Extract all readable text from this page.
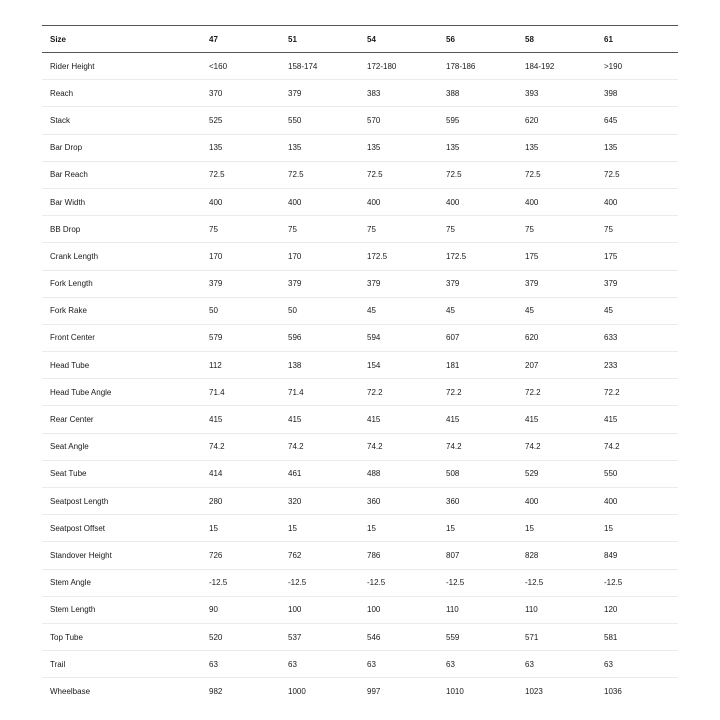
Size	47	51	54	56	58	61
Rider Height	<160	158-174	172-180	178-186	184-192	>190
Reach	370	379	383	388	393	398
Stack	525	550	570	595	620	645
Bar Drop	135	135	135	135	135	135
Bar Reach	72.5	72.5	72.5	72.5	72.5	72.5
Bar Width	400	400	400	400	400	400
BB Drop	75	75	75	75	75	75
Crank Length	170	170	172.5	172.5	175	175
Fork Length	379	379	379	379	379	379
Fork Rake	50	50	45	45	45	45
Front Center	579	596	594	607	620	633
Head Tube	112	138	154	181	207	233
Head Tube Angle	71.4	71.4	72.2	72.2	72.2	72.2
Rear Center	415	415	415	415	415	415
Seat Angle	74.2	74.2	74.2	74.2	74.2	74.2
Seat Tube	414	461	488	508	529	550
Seatpost Length	280	320	360	360	400	400
Seatpost Offset	15	15	15	15	15	15
Standover Height	726	762	786	807	828	849
Stem Angle	-12.5	-12.5	-12.5	-12.5	-12.5	-12.5
Stem Length	90	100	100	110	110	120
Top Tube	520	537	546	559	571	581
Trail	63	63	63	63	63	63
Wheelbase	982	1000	997	1010	1023	1036
